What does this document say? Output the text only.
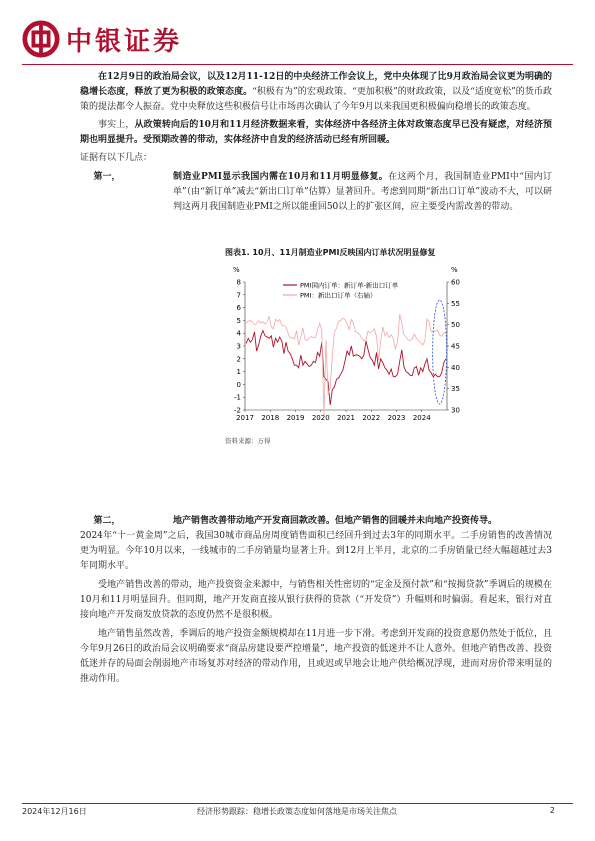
中银证券

在12月9日的政治局会议，以及12月11-12日的中央经济工作会议上，党中央体现了比9月政治局会议更为明确的稳增长态度，释放了更为积极的政策态度。“积极有为”的宏观政策、“更加积极”的财政政策，以及“适度宽松”的货币政策的提法都令人振奋。党中央释放这些积极信号让市场再次确认了今年9月以来我国更积极偏向稳增长的政策态度。

事实上，从政策转向后的10月和11月经济数据来看，实体经济中各经济主体对政策态度早已没有疑虑，对经济预期也明显提升。受预期改善的带动，实体经济中自发的经济活动已经有所回暖。

证据有以下几点：

第一，	制造业PMI显示我国内需在10月和11月明显修复。在这两个月，我国制造业PMI中“国内订单”（由“新订单”减去“新出口订单”估算）显著回升。考虑到同期“新出口订单”波动不大，可以研判这两月我国制造业PMI之所以能重回50以上的扩张区间，应主要受内需改善的带动。
图表1. 10月、11月制造业PMI反映国内订单状况明显修复
%	%
8
7
6
5
4
3
2
1
0
-1
-2
60
55
50
45
40
35
30
2017 2018 2019 2020 2021 2022 2023 2024
PMI国内订单：新订单-新出口订单
PMI：新出口订单（右轴）
资料来源：万得
第二，	地产销售改善带动地产开发商回款改善。但地产销售的回暖并未向地产投资传导。

2024年“十一黄金周”之后，我国30城市商品房周度销售面积已经回升到过去3年的同期水平。二手房销售的改善情况更为明显。今年10月以来，一线城市的二手房销量均显著上升。到12月上半月，北京的二手房销量已经大幅超越过去3年同期水平。

受地产销售改善的带动，地产投资资金来源中，与销售相关性密切的“定金及预付款”和“按揭贷款”季调后的规模在10月和11月明显回升。但同期，地产开发商直接从银行获得的贷款（“开发贷”）升幅则和时偏弱。看起来，银行对直接向地产开发商发放贷款的态度仍然不是很积极。

地产销售虽然改善，季调后的地产投资金额规模却在11月进一步下滑。考虑到开发商的投资意愿仍然处于低位，且今年9月26日的政治局会议明确要求“商品房建设要严控增量”，地产投资的低迷并不让人意外。但地产销售改善、投资低迷并存的局面会削弱地产市场复苏对经济的带动作用，且或迟或早地会让地产供给概况浮现，进而对房价带来明显的推动作用。

2024年12月16日	经济形势跟踪：稳增长政策态度如何落地是市场关注焦点	2
